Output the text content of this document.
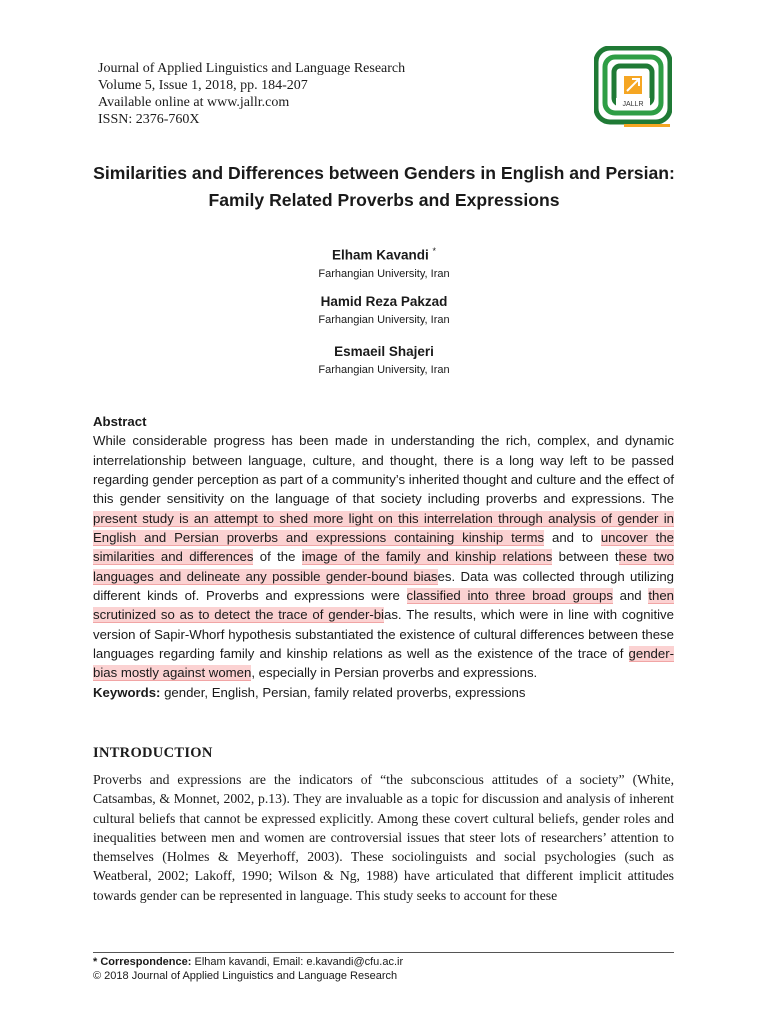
Journal of Applied Linguistics and Language Research
Volume 5, Issue 1, 2018, pp. 184-207
Available online at www.jallr.com
ISSN: 2376-760X
JALLR
Similarities and Differences between Genders in English and Persian: Family Related Proverbs and Expressions
Elham Kavandi *
Farhangian University, Iran
Hamid Reza Pakzad
Farhangian University, Iran
Esmaeil Shajeri
Farhangian University, Iran
Abstract

While considerable progress has been made in understanding the rich, complex, and dynamic interrelationship between language, culture, and thought, there is a long way left to be passed regarding gender perception as part of a community’s inherited thought and culture and the effect of this gender sensitivity on the language of that society including proverbs and expressions. The present study is an attempt to shed more light on this interrelation through analysis of gender in English and Persian proverbs and expressions containing kinship terms and to uncover the similarities and differences of the image of the family and kinship relations between these two languages and delineate any possible gender-bound biases. Data was collected through utilizing different kinds of. Proverbs and expressions were classified into three broad groups and then scrutinized so as to detect the trace of gender-bias. The results, which were in line with cognitive version of Sapir-Whorf hypothesis substantiated the existence of cultural differences between these languages regarding family and kinship relations as well as the existence of the trace of gender-bias mostly against women, especially in Persian proverbs and expressions.

Keywords: gender, English, Persian, family related proverbs, expressions
INTRODUCTION

Proverbs and expressions are the indicators of “the subconscious attitudes of a society” (White, Catsambas, & Monnet, 2002, p.13). They are invaluable as a topic for discussion and analysis of inherent cultural beliefs that cannot be expressed explicitly. Among these covert cultural beliefs, gender roles and inequalities between men and women are controversial issues that steer lots of researchers’ attention to themselves (Holmes & Meyerhoff, 2003). These sociolinguists and social psychologies (such as Weatberal, 2002; Lakoff, 1990; Wilson & Ng, 1988) have articulated that different implicit attitudes towards gender can be represented in language. This study seeks to account for these

* Correspondence: Elham kavandi, Email: e.kavandi@cfu.ac.ir
© 2018 Journal of Applied Linguistics and Language Research
